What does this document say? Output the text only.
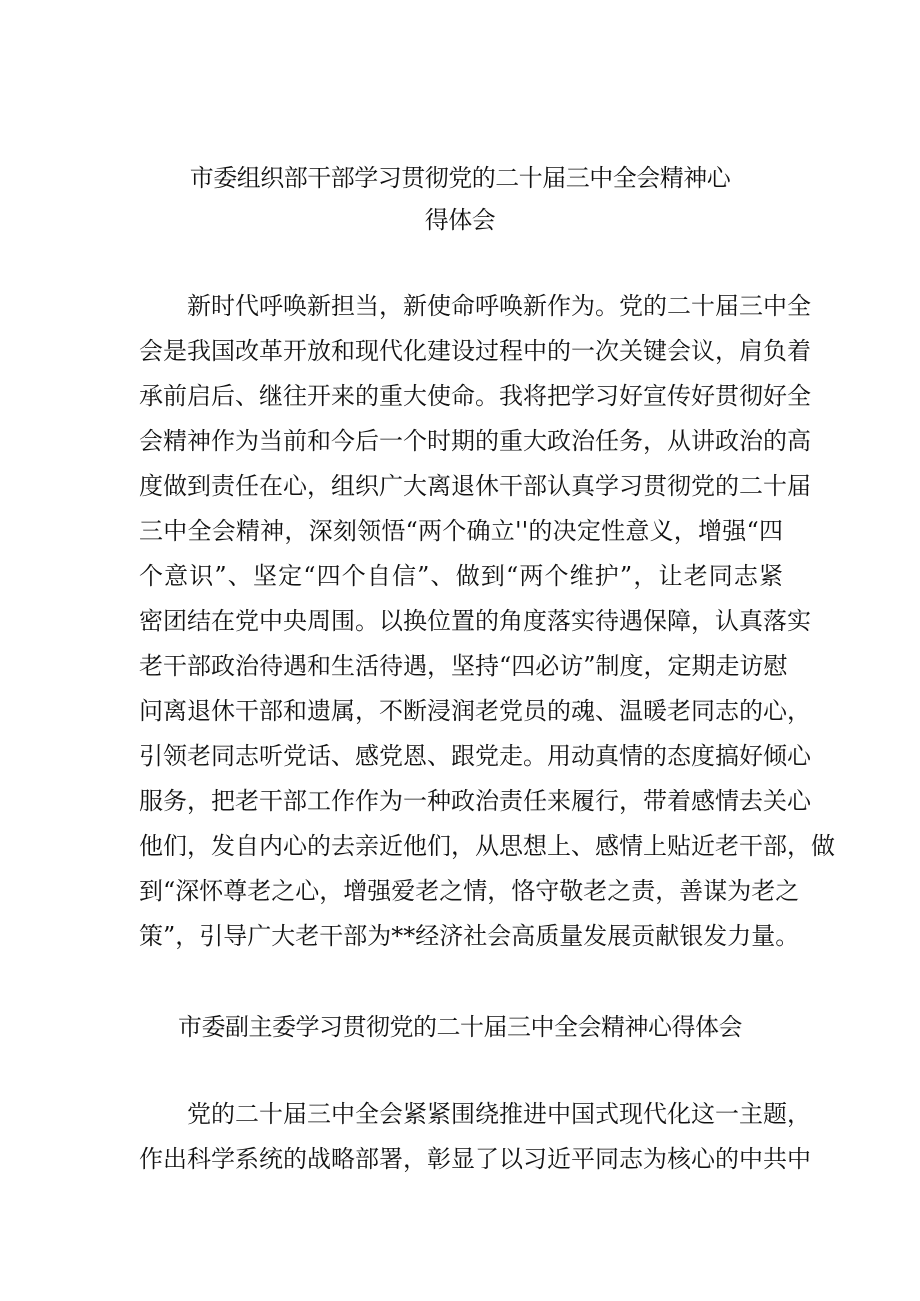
市委组织部干部学习贯彻党的二十届三中全会精神心
得体会
新时代呼唤新担当，新使命呼唤新作为。党的二十届三中全
会是我国改革开放和现代化建设过程中的一次关键会议，肩负着
承前启后、继往开来的重大使命。我将把学习好宣传好贯彻好全
会精神作为当前和今后一个时期的重大政治任务，从讲政治的高
度做到责任在心，组织广大离退休干部认真学习贯彻党的二十届
三中全会精神，深刻领悟“两个确立''的决定性意义，增强“四
个意识”、坚定“四个自信”、做到“两个维护”，让老同志紧
密团结在党中央周围。以换位置的角度落实待遇保障，认真落实
老干部政治待遇和生活待遇，坚持“四必访”制度，定期走访慰
问离退休干部和遗属，不断浸润老党员的魂、温暖老同志的心，
引领老同志听党话、感党恩、跟党走。用动真情的态度搞好倾心
服务，把老干部工作作为一种政治责任来履行，带着感情去关心
他们，发自内心的去亲近他们，从思想上、感情上贴近老干部，做
到“深怀尊老之心，增强爱老之情，恪守敬老之责，善谋为老之
策”，引导广大老干部为**经济社会高质量发展贡献银发力量。
市委副主委学习贯彻党的二十届三中全会精神心得体会
党的二十届三中全会紧紧围绕推进中国式现代化这一主题，
作出科学系统的战略部署，彰显了以习近平同志为核心的中共中
